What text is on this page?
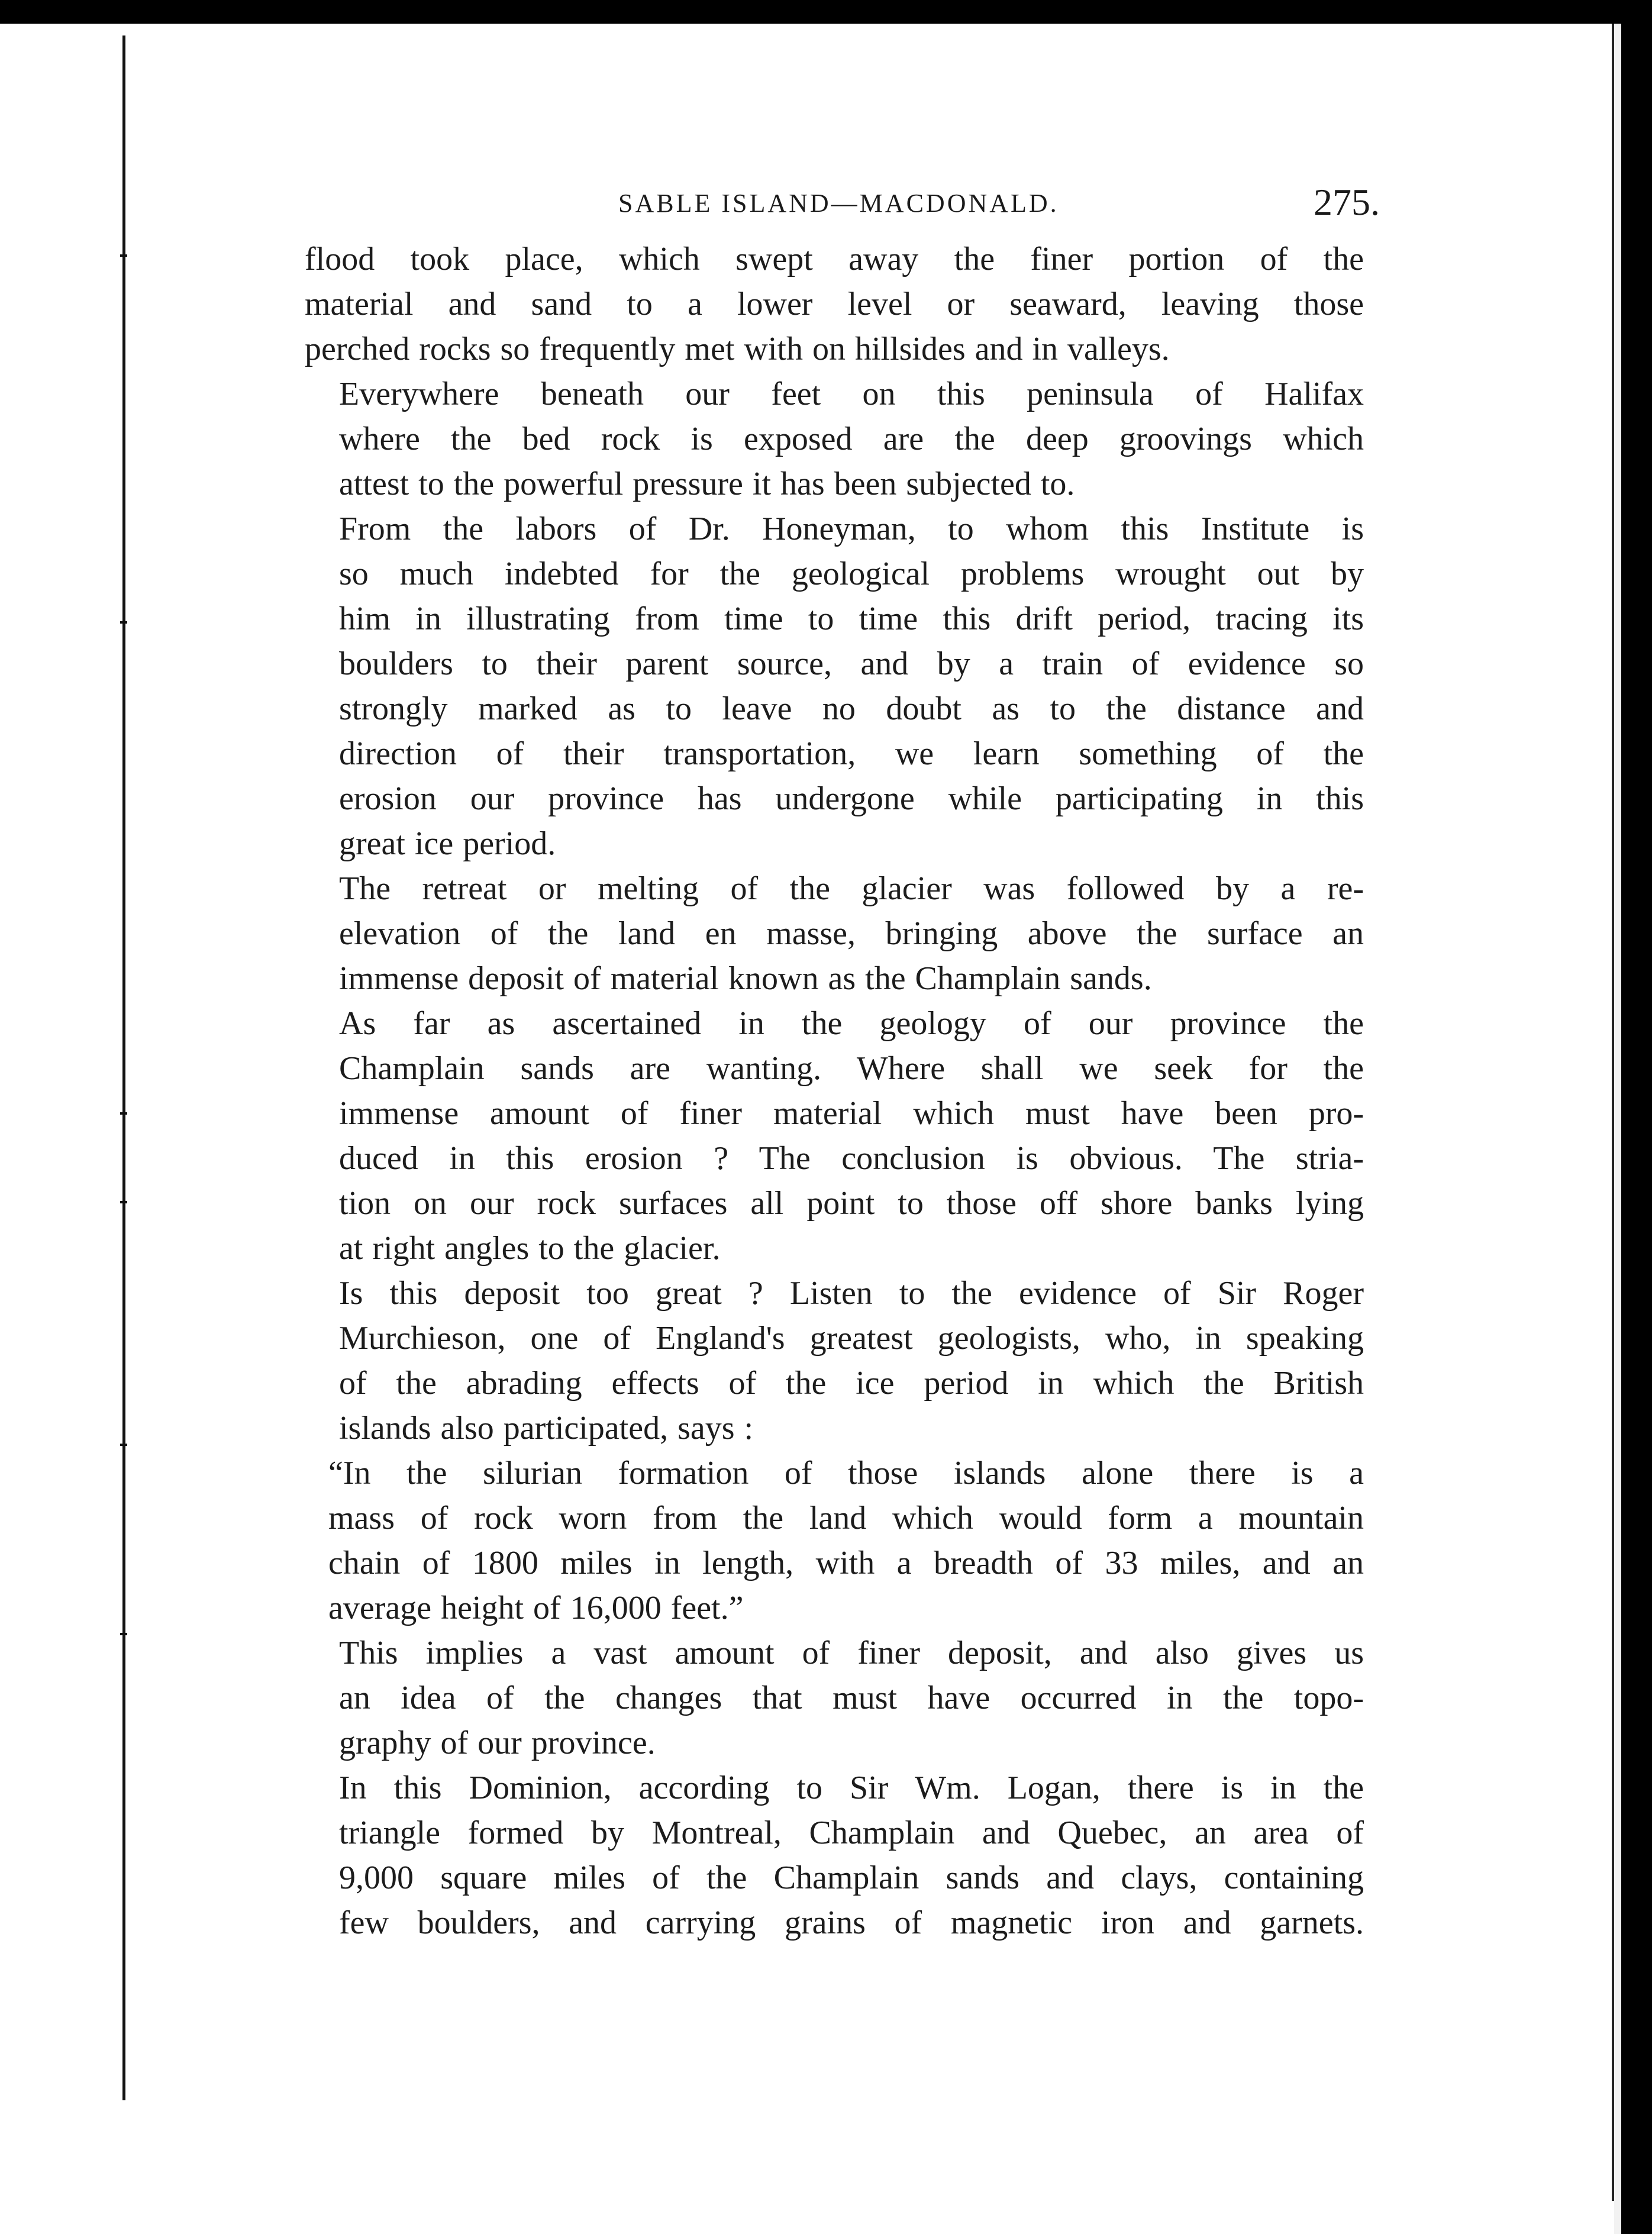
SABLE ISLAND—MACDONALD.	275.

flood took place, which swept away the finer portion of the
material and sand to a lower level or seaward, leaving those
perched rocks so frequently met with on hillsides and in valleys.

Everywhere beneath our feet on this peninsula of Halifax
where the bed rock is exposed are the deep groovings which
attest to the powerful pressure it has been subjected to.

From the labors of Dr. Honeyman, to whom this Institute is
so much indebted for the geological problems wrought out by
him in illustrating from time to time this drift period, tracing its
boulders to their parent source, and by a train of evidence so
strongly marked as to leave no doubt as to the distance and
direction of their transportation, we learn something of the
erosion our province has undergone while participating in this
great ice period.

The retreat or melting of the glacier was followed by a re-
elevation of the land en masse, bringing above the surface an
immense deposit of material known as the Champlain sands.

As far as ascertained in the geology of our province the
Champlain sands are wanting. Where shall we seek for the
immense amount of finer material which must have been pro-
duced in this erosion ? The conclusion is obvious. The stria-
tion on our rock surfaces all point to those off shore banks lying
at right angles to the glacier.

Is this deposit too great ? Listen to the evidence of Sir Roger
Murchieson, one of England's greatest geologists, who, in speaking
of the abrading effects of the ice period in which the British
islands also participated, says :

“In the silurian formation of those islands alone there is a
mass of rock worn from the land which would form a mountain
chain of 1800 miles in length, with a breadth of 33 miles, and an
average height of 16,000 feet.”

This implies a vast amount of finer deposit, and also gives us
an idea of the changes that must have occurred in the topo-
graphy of our province.

In this Dominion, according to Sir Wm. Logan, there is in the
triangle formed by Montreal, Champlain and Quebec, an area of
9,000 square miles of the Champlain sands and clays, containing
few boulders, and carrying grains of magnetic iron and garnets.
